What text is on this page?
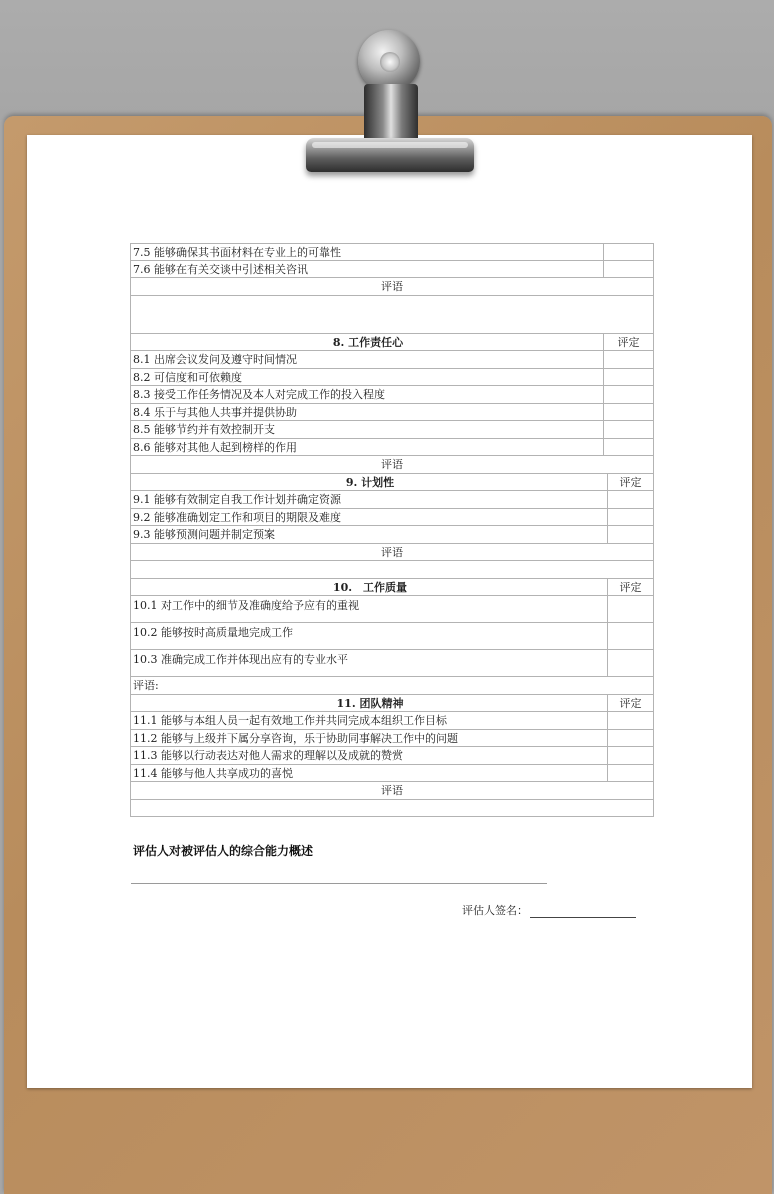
7.5 能够确保其书面材料在专业上的可靠性
7.6 能够在有关交谈中引述相关咨讯
评语
8. 工作责任心	评定
8.1 出席会议发问及遵守时间情况
8.2 可信度和可依赖度
8.3 接受工作任务情况及本人对完成工作的投入程度
8.4 乐于与其他人共事并提供协助
8.5 能够节约并有效控制开支
8.6 能够对其他人起到榜样的作用
评语
9. 计划性	评定
9.1 能够有效制定自我工作计划并确定资源
9.2 能够准确划定工作和项目的期限及难度
9.3 能够预测问题并制定预案
评语
10.　工作质量	评定
10.1 对工作中的细节及准确度给予应有的重视
10.2 能够按时高质量地完成工作
10.3 准确完成工作并体现出应有的专业水平
评语:
11. 团队精神	评定
11.1 能够与本组人员一起有效地工作并共同完成本组织工作目标
11.2 能够与上级并下属分享咨询，乐于协助同事解决工作中的问题
11.3 能够以行动表达对他人需求的理解以及成就的赞赏
11.4 能够与他人共享成功的喜悦
评语
评估人对被评估人的综合能力概述
评估人签名：
